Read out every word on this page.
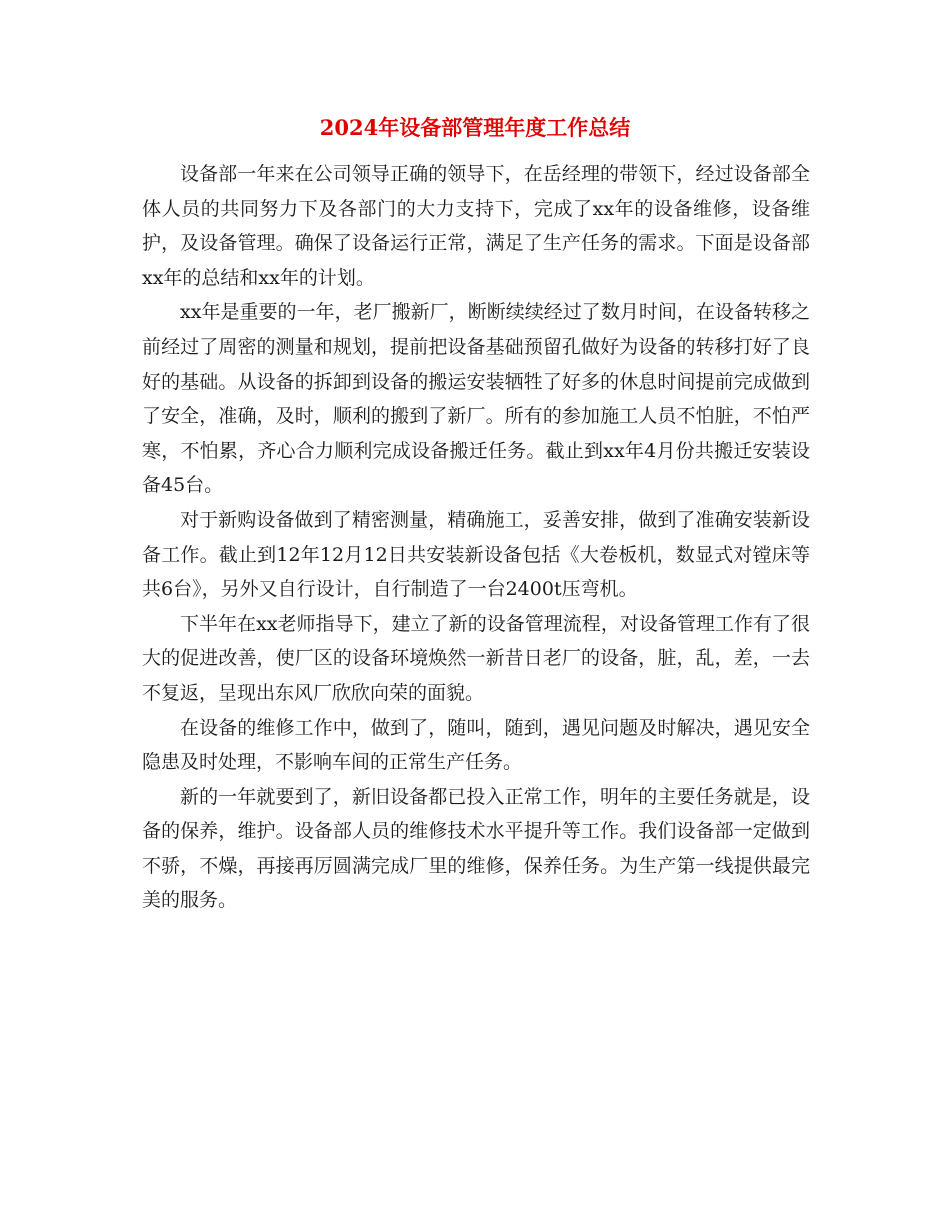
2024年设备部管理年度工作总结

设备部一年来在公司领导正确的领导下，在岳经理的带领下，经过设备部全体人员的共同努力下及各部门的大力支持下，完成了xx年的设备维修，设备维护，及设备管理。确保了设备运行正常，满足了生产任务的需求。下面是设备部xx年的总结和xx年的计划。

xx年是重要的一年，老厂搬新厂，断断续续经过了数月时间，在设备转移之前经过了周密的测量和规划，提前把设备基础预留孔做好为设备的转移打好了良好的基础。从设备的拆卸到设备的搬运安装牺牲了好多的休息时间提前完成做到了安全，准确，及时，顺利的搬到了新厂。所有的参加施工人员不怕脏，不怕严寒，不怕累，齐心合力顺利完成设备搬迁任务。截止到xx年4月份共搬迁安装设备45台。

对于新购设备做到了精密测量，精确施工，妥善安排，做到了准确安装新设备工作。截止到12年12月12日共安装新设备包括《大卷板机，数显式对镗床等共6台》，另外又自行设计，自行制造了一台2400t压弯机。

下半年在xx老师指导下，建立了新的设备管理流程，对设备管理工作有了很大的促进改善，使厂区的设备环境焕然一新昔日老厂的设备，脏，乱，差，一去不复返，呈现出东风厂欣欣向荣的面貌。

在设备的维修工作中，做到了，随叫，随到，遇见问题及时解决，遇见安全隐患及时处理，不影响车间的正常生产任务。

新的一年就要到了，新旧设备都已投入正常工作，明年的主要任务就是，设备的保养，维护。设备部人员的维修技术水平提升等工作。我们设备部一定做到不骄，不燥，再接再厉圆满完成厂里的维修，保养任务。为生产第一线提供最完美的服务。
